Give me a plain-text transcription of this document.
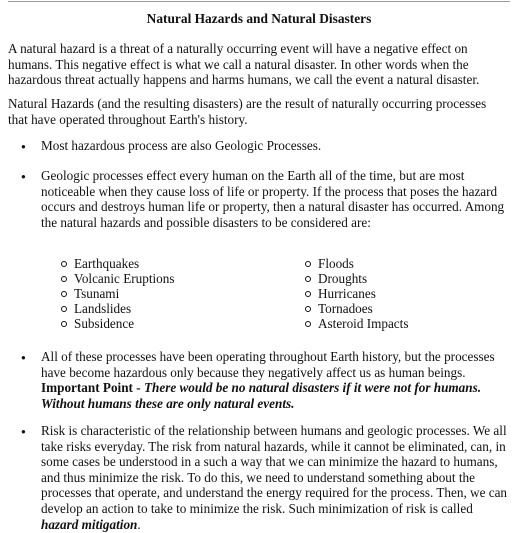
Natural Hazards and Natural Disasters

A natural hazard is a threat of a naturally occurring event will have a negative effect on humans. This negative effect is what we call a natural disaster. In other words when the hazardous threat actually happens and harms humans, we call the event a natural disaster.

Natural Hazards (and the resulting disasters) are the result of naturally occurring processes that have operated throughout Earth's history.

● Most hazardous process are also Geologic Processes.
● Geologic processes effect every human on the Earth all of the time, but are most noticeable when they cause loss of life or property. If the process that poses the hazard occurs and destroys human life or property, then a natural disaster has occurred. Among the natural hazards and possible disasters to be considered are:
Earthquakes
Volcanic Eruptions
Tsunami
Landslides
Subsidence
Floods
Droughts
Hurricanes
Tornadoes
Asteroid Impacts
● All of these processes have been operating throughout Earth history, but the processes have become hazardous only because they negatively affect us as human beings. Important Point - There would be no natural disasters if it were not for humans. Without humans these are only natural events.
● Risk is characteristic of the relationship between humans and geologic processes. We all take risks everyday. The risk from natural hazards, while it cannot be eliminated, can, in some cases be understood in a such a way that we can minimize the hazard to humans, and thus minimize the risk. To do this, we need to understand something about the processes that operate, and understand the energy required for the process. Then, we can develop an action to take to minimize the risk. Such minimization of risk is called hazard mitigation.
